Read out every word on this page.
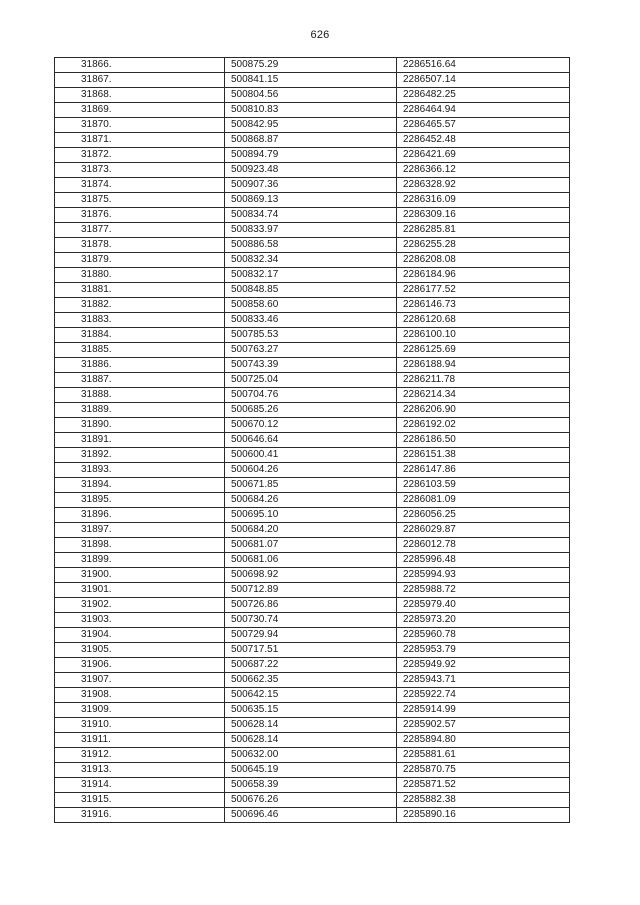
626
31866.	500875.29	2286516.64
31867.	500841.15	2286507.14
31868.	500804.56	2286482.25
31869.	500810.83	2286464.94
31870.	500842.95	2286465.57
31871.	500868.87	2286452.48
31872.	500894.79	2286421.69
31873.	500923.48	2286366.12
31874.	500907.36	2286328.92
31875.	500869.13	2286316.09
31876.	500834.74	2286309.16
31877.	500833.97	2286285.81
31878.	500886.58	2286255.28
31879.	500832.34	2286208.08
31880.	500832.17	2286184.96
31881.	500848.85	2286177.52
31882.	500858.60	2286146.73
31883.	500833.46	2286120.68
31884.	500785.53	2286100.10
31885.	500763.27	2286125.69
31886.	500743.39	2286188.94
31887.	500725.04	2286211.78
31888.	500704.76	2286214.34
31889.	500685.26	2286206.90
31890.	500670.12	2286192.02
31891.	500646.64	2286186.50
31892.	500600.41	2286151.38
31893.	500604.26	2286147.86
31894.	500671.85	2286103.59
31895.	500684.26	2286081.09
31896.	500695.10	2286056.25
31897.	500684.20	2286029.87
31898.	500681.07	2286012.78
31899.	500681.06	2285996.48
31900.	500698.92	2285994.93
31901.	500712.89	2285988.72
31902.	500726.86	2285979.40
31903.	500730.74	2285973.20
31904.	500729.94	2285960.78
31905.	500717.51	2285953.79
31906.	500687.22	2285949.92
31907.	500662.35	2285943.71
31908.	500642.15	2285922.74
31909.	500635.15	2285914.99
31910.	500628.14	2285902.57
31911.	500628.14	2285894.80
31912.	500632.00	2285881.61
31913.	500645.19	2285870.75
31914.	500658.39	2285871.52
31915.	500676.26	2285882.38
31916.	500696.46	2285890.16
